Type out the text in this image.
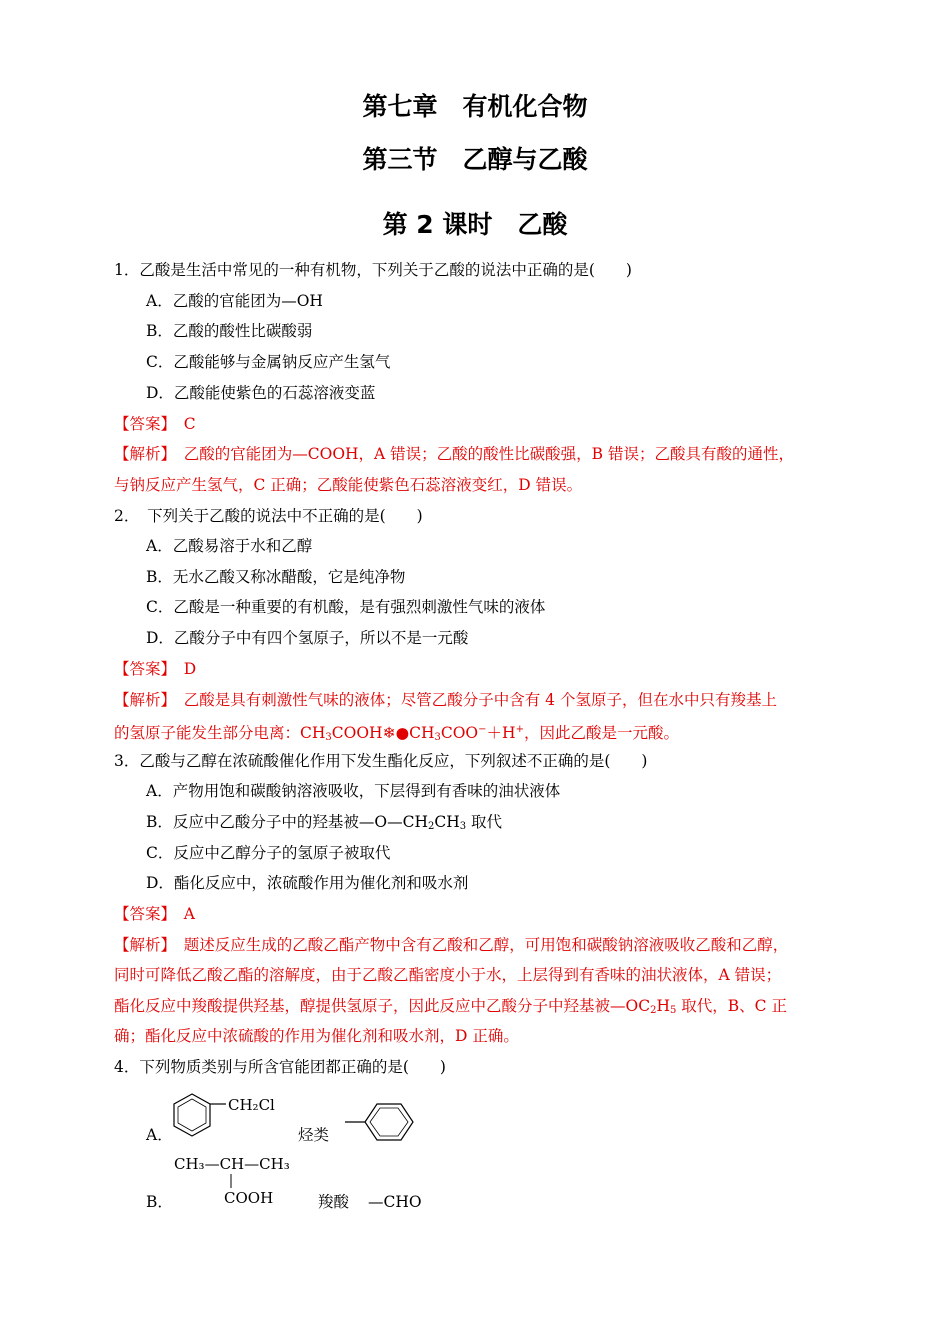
第七章　有机化合物
第三节　乙醇与乙酸
第 2 课时　乙酸
1．乙酸是生活中常见的一种有机物，下列关于乙酸的说法中正确的是(　　)
A．乙酸的官能团为—OH
B．乙酸的酸性比碳酸弱
C．乙酸能够与金属钠反应产生氢气
D．乙酸能使紫色的石蕊溶液变蓝
【答案】　C
【解析】　乙酸的官能团为—COOH，A 错误；乙酸的酸性比碳酸强，B 错误；乙酸具有酸的通性，
与钠反应产生氢气，C 正确；乙酸能使紫色石蕊溶液变红，D 错误。
2．　下列关于乙酸的说法中不正确的是(　　)
A．乙酸易溶于水和乙醇
B．无水乙酸又称冰醋酸，它是纯净物
C．乙酸是一种重要的有机酸，是有强烈刺激性气味的液体
D．乙酸分子中有四个氢原子，所以不是一元酸
【答案】　D
【解析】　乙酸是具有刺激性气味的液体；尽管乙酸分子中含有 4 个氢原子，但在水中只有羧基上
的氢原子能发生部分电离：$CH_3COOH❄●CH_3COO^-+H^+$，因此乙酸是一元酸。
3．乙酸与乙醇在浓硫酸催化作用下发生酯化反应，下列叙述不正确的是(　　)
A．产物用饱和碳酸钠溶液吸收，下层得到有香味的油状液体
B．反应中乙酸分子中的羟基被$—O—CH_2CH_3$ 取代
C．反应中乙醇分子的氢原子被取代
D．酯化反应中，浓硫酸作用为催化剂和吸水剂
【答案】　A
【解析】　题述反应生成的乙酸乙酯产物中含有乙酸和乙醇，可用饱和碳酸钠溶液吸收乙酸和乙醇，
同时可降低乙酸乙酯的溶解度，由于乙酸乙酯密度小于水，上层得到有香味的油状液体，A 错误；
酯化反应中羧酸提供羟基，醇提供氢原子，因此反应中乙酸分子中羟基被$—OC_2H_5$ 取代，B、C 正
确；酯化反应中浓硫酸的作用为催化剂和吸水剂，D 正确。
4．下列物质类别与所含官能团都正确的是(　　)
A．
CH₂Cl
烃类
CH₃—CH—CH₃
B．	COOH	羧酸 —CHO
